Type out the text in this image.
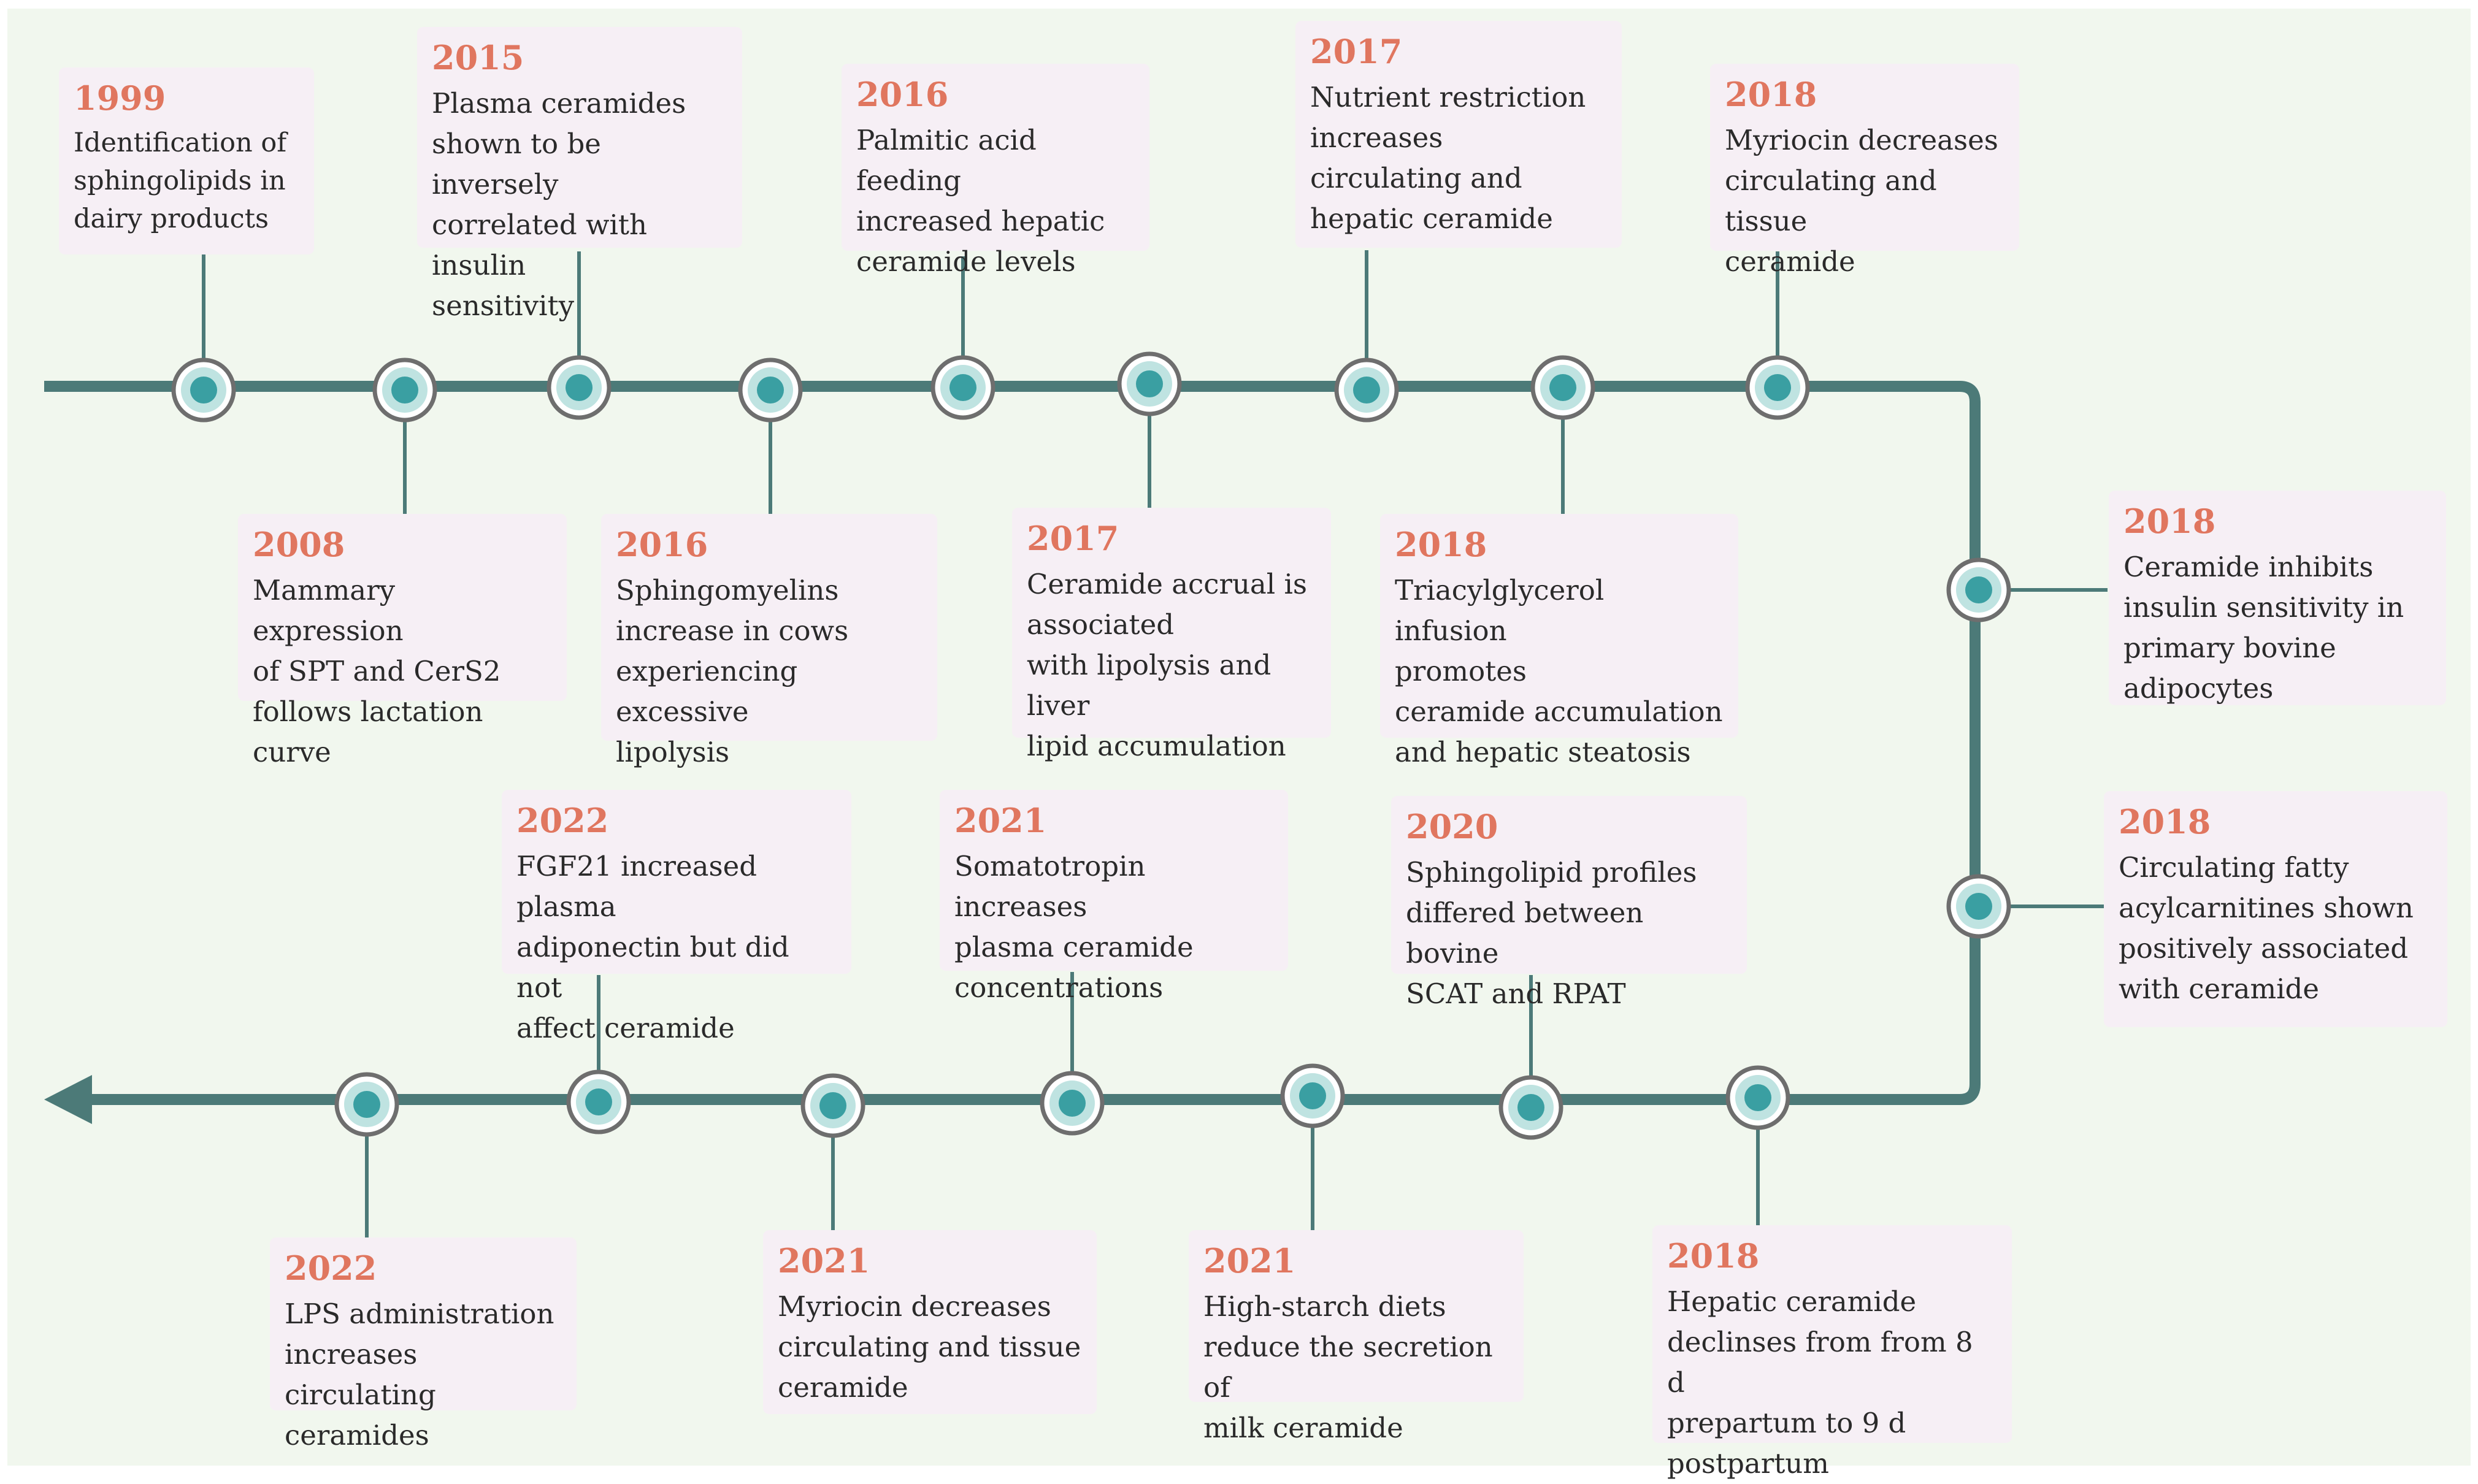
1999
Identification of
sphingolipids in
dairy products
2008
Mammary expression
of SPT and CerS2
follows lactation curve
2015
Plasma ceramides
shown to be inversely
correlated with insulin
sensitivity
2016
Sphingomyelins
increase in cows
experiencing excessive
lipolysis
2016
Palmitic acid feeding
increased hepatic
ceramide levels
2017
Ceramide accrual is
associated
with lipolysis and liver
lipid accumulation
2017
Nutrient restriction
increases
circulating and
hepatic ceramide
2018
Triacylglycerol infusion
promotes
ceramide accumulation
and hepatic steatosis
2018
Myriocin decreases
circulating and tissue
ceramide
2018
Ceramide inhibits
insulin sensitivity in
primary bovine
adipocytes
2018
Circulating fatty
acylcarnitines shown
positively associated
with ceramide
2018
Hepatic ceramide
declinses from from 8 d
prepartum to 9 d
postpartum
2020
Sphingolipid profiles
differed between bovine
SCAT and RPAT
2021
High-starch diets
reduce the secretion of
milk ceramide
2021
Somatotropin increases
plasma ceramide
concentrations
2021
Myriocin decreases
circulating and tissue
ceramide
2022
FGF21 increased plasma
adiponectin but did not
affect ceramide
2022
LPS administration
increases circulating
ceramides
